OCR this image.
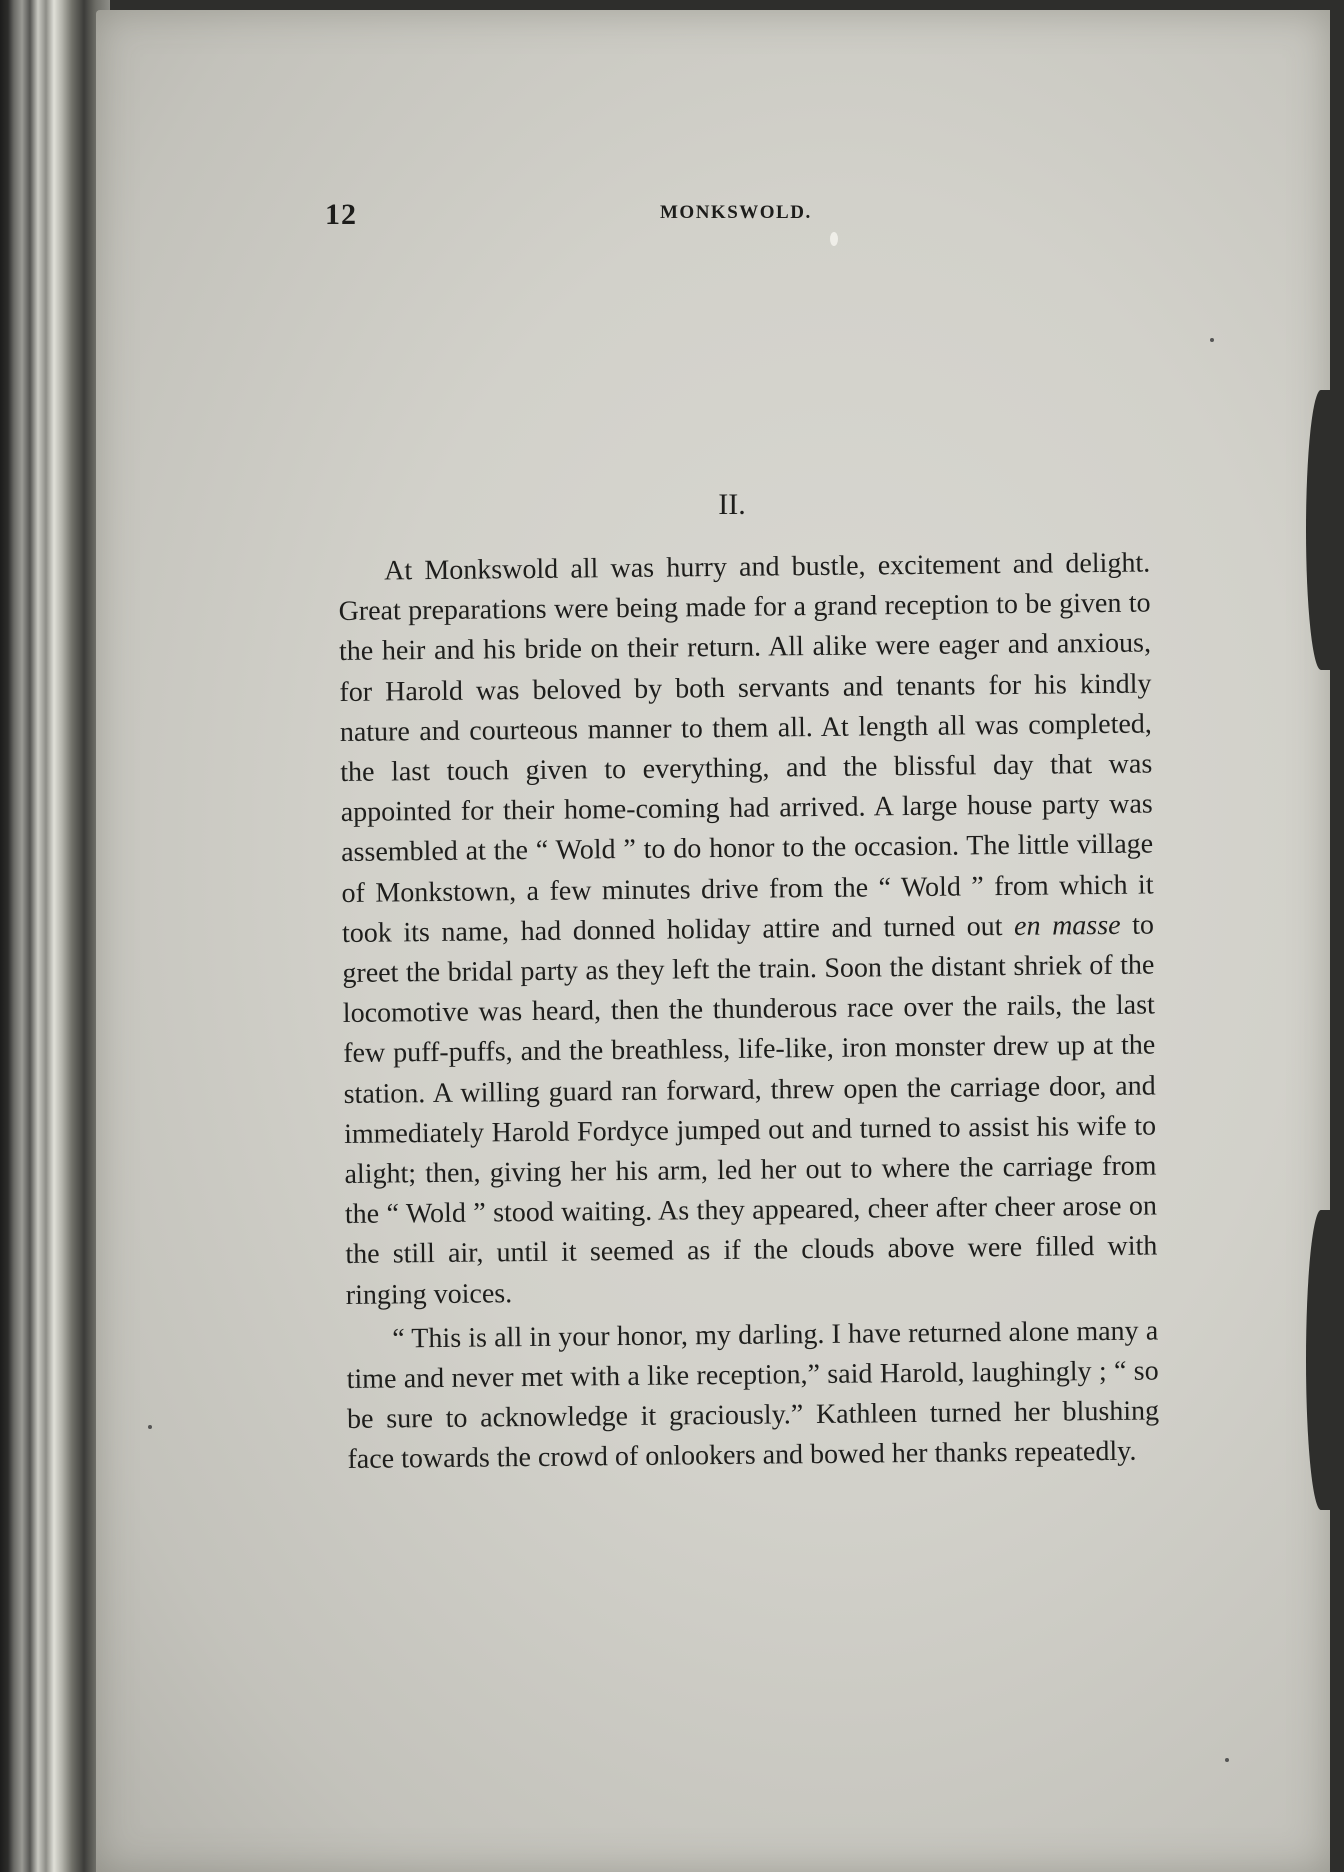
12	MONKSWOLD.
II.

At Monkswold all was hurry and bustle, excitement and delight. Great preparations were being made for a grand reception to be given to the heir and his bride on their return. All alike were eager and anxious, for Harold was beloved by both servants and tenants for his kindly nature and courteous manner to them all. At length all was completed, the last touch given to everything, and the blissful day that was appointed for their home-coming had arrived. A large house party was assembled at the “ Wold ” to do honor to the occasion. The little village of Monkstown, a few minutes drive from the “ Wold ” from which it took its name, had donned holiday attire and turned out en masse to greet the bridal party as they left the train. Soon the distant shriek of the locomotive was heard, then the thunderous race over the rails, the last few puff-puffs, and the breathless, life-like, iron monster drew up at the station. A willing guard ran forward, threw open the carriage door, and immediately Harold Fordyce jumped out and turned to assist his wife to alight; then, giving her his arm, led her out to where the carriage from the “ Wold ” stood waiting. As they appeared, cheer after cheer arose on the still air, until it seemed as if the clouds above were filled with ringing voices.

“ This is all in your honor, my darling. I have returned alone many a time and never met with a like reception,” said Harold, laughingly ; “ so be sure to acknowledge it graciously.” Kathleen turned her blushing face towards the crowd of onlookers and bowed her thanks repeatedly.
